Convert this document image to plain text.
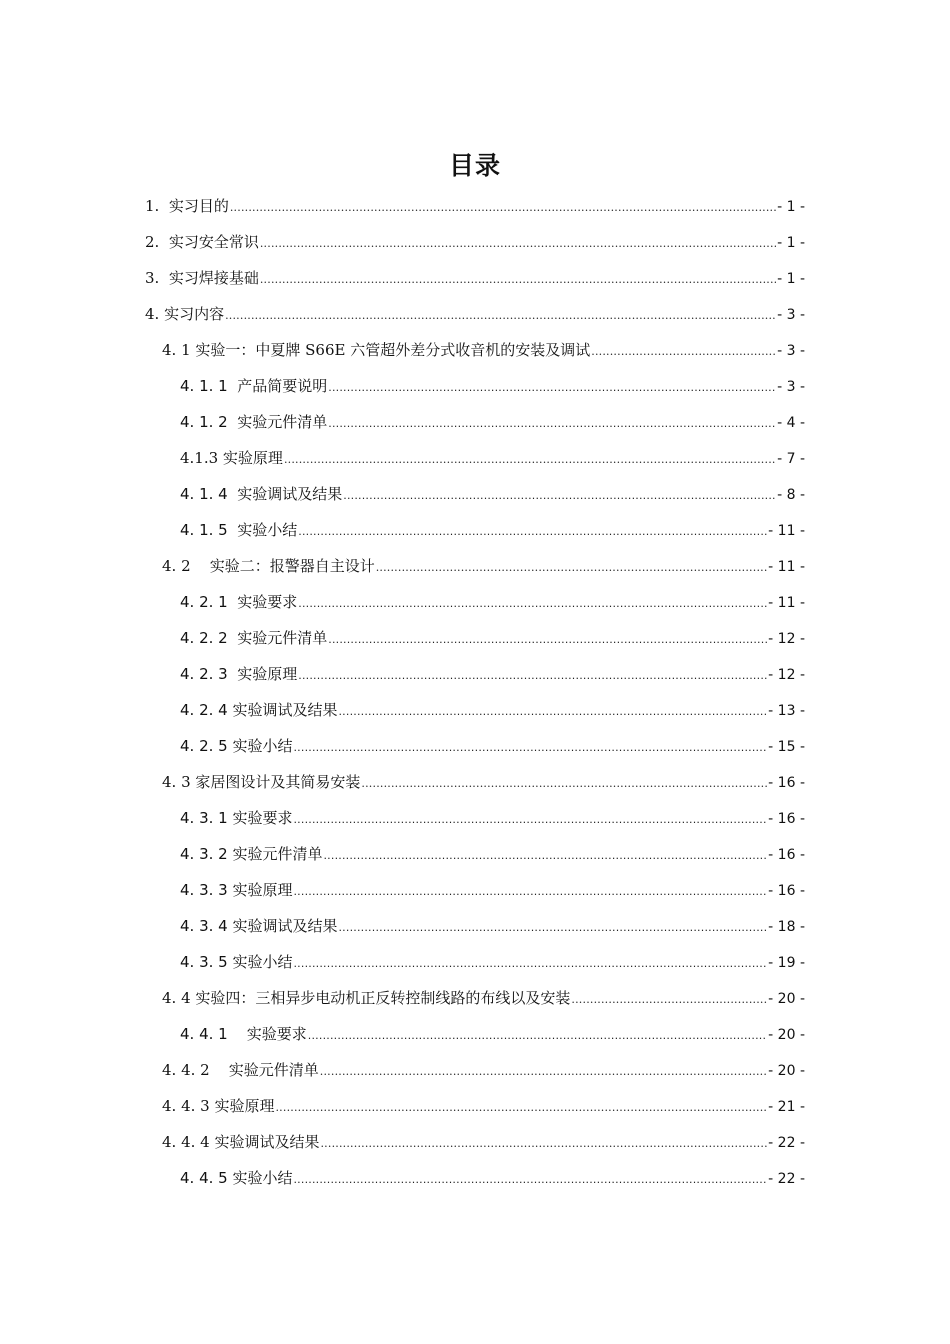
目录
1.  实习目的 .....	- 1 -
2.  实习安全常识 .....	- 1 -
3.  实习焊接基础 .....	- 1 -
4. 实习内容 .....	- 3 -
4. 1 实验一：中夏牌 S66E 六管超外差分式收音机的安装及调试 .....	- 3 -
4. 1. 1  产品简要说明 .....	- 3 -
4. 1. 2  实验元件清单 .....	- 4 -
4.1.3 实验原理 .....	- 7 -
4. 1. 4  实验调试及结果 .....	- 8 -
4. 1. 5  实验小结 .....	- 11 -
4. 2    实验二：报警器自主设计 .....	- 11 -
4. 2. 1  实验要求 .....	- 11 -
4. 2. 2  实验元件清单 .....	- 12 -
4. 2. 3  实验原理 .....	- 12 -
4. 2. 4 实验调试及结果 .....	- 13 -
4. 2. 5 实验小结 .....	- 15 -
4. 3 家居图设计及其简易安装 .....	- 16 -
4. 3. 1 实验要求 .....	- 16 -
4. 3. 2 实验元件清单 .....	- 16 -
4. 3. 3 实验原理 .....	- 16 -
4. 3. 4 实验调试及结果 .....	- 18 -
4. 3. 5 实验小结 .....	- 19 -
4. 4 实验四：三相异步电动机正反转控制线路的布线以及安装 .....	- 20 -
4. 4. 1    实验要求 .....	- 20 -
4. 4. 2    实验元件清单 .....	- 20 -
4. 4. 3 实验原理 .....	- 21 -
4. 4. 4 实验调试及结果 .....	- 22 -
4. 4. 5 实验小结 .....	- 22 -
